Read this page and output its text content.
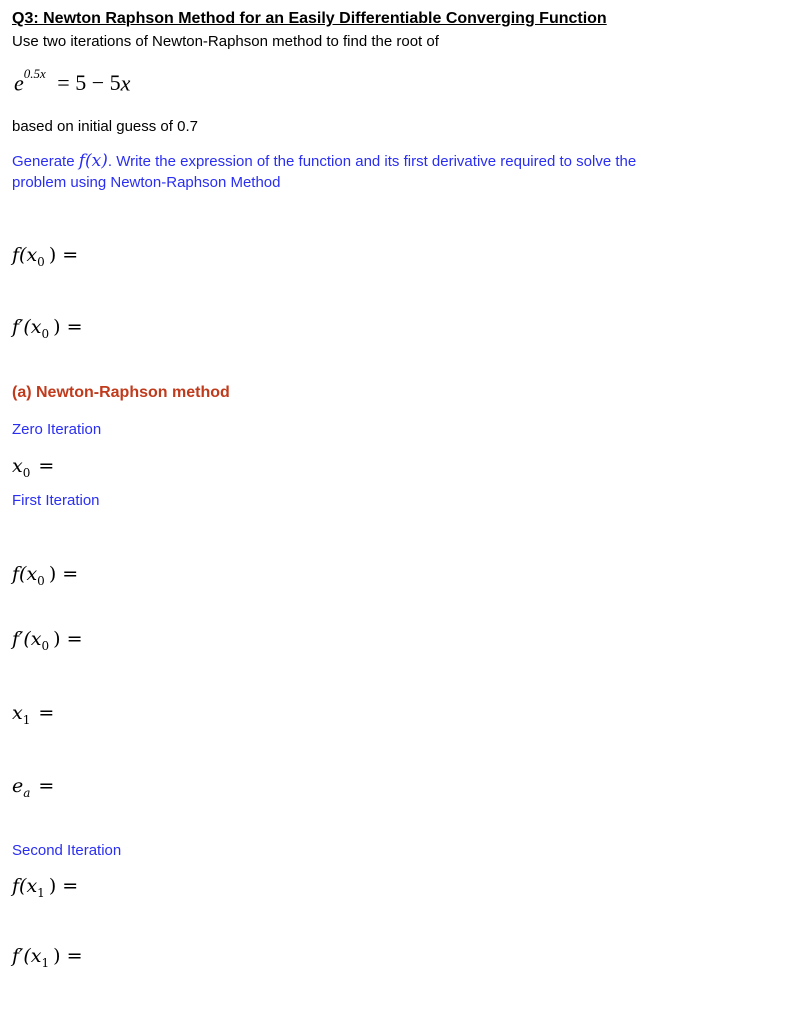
Q3: Newton Raphson Method for an Easily Differentiable Converging Function
Use two iterations of Newton-Raphson method to find the root of
$e^{0.5x} = 5 - 5x$
based on initial guess of 0.7
Generate f(x). Write the expression of the function and its first derivative required to solve the
problem using Newton-Raphson Method
$f(x_0$ ) =
$f'(x_0$ ) =
(a) Newton-Raphson method
Zero Iteration
$x_0$ =
First Iteration
$f(x_0$ ) =
$f'(x_0$ ) =
$x_1$ =
$e_a$ =
Second Iteration
$f(x_1$ ) =
$f'(x_1$ ) =
